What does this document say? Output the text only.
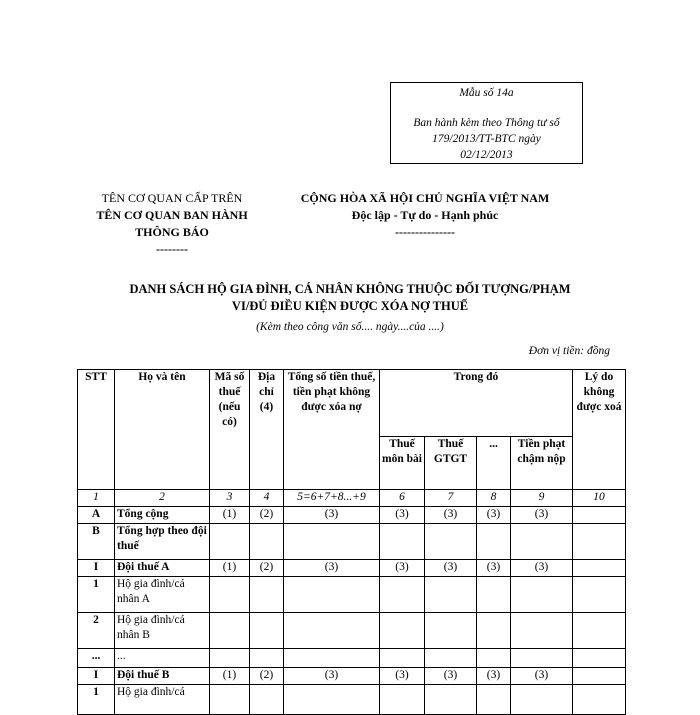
Mẫu số 14a
Ban hành kèm theo Thông tư số
179/2013/TT-BTC ngày
02/12/2013
TÊN CƠ QUAN CẤP TRÊN
TÊN CƠ QUAN BAN HÀNH
THÔNG BÁO
--------
CỘNG HÒA XÃ HỘI CHỦ NGHĨA VIỆT NAM
Độc lập - Tự do - Hạnh phúc
---------------
DANH SÁCH HỘ GIA ĐÌNH, CÁ NHÂN KHÔNG THUỘC ĐỐI TƯỢNG/PHẠM
VI/ĐỦ ĐIỀU KIỆN ĐƯỢC XÓA NỢ THUẾ
(Kèm theo công văn số.... ngày....của ....)
Đơn vị tiền: đồng
STT	Họ và tên	Mã số thuế (nếu có)	Địa chỉ (4)	Tổng số tiền thuế, tiền phạt không được xóa nợ	Trong đó				Lý do không được xoá
					Thuế môn bài	Thuế GTGT	...	Tiền phạt chậm nộp	
1	2	3	4	5=6+7+8...+9	6	7	8	9	10
A	Tổng cộng	(1)	(2)	(3)	(3)	(3)	(3)	(3)	
B	Tổng hợp theo đội thuế								
I	Đội thuế A	(1)	(2)	(3)	(3)	(3)	(3)	(3)	
1	Hộ gia đình/cá nhân A								
2	Hộ gia đình/cá nhân B								
...	...								
I	Đội thuế B	(1)	(2)	(3)	(3)	(3)	(3)	(3)	
1	Hộ gia đình/cá								
